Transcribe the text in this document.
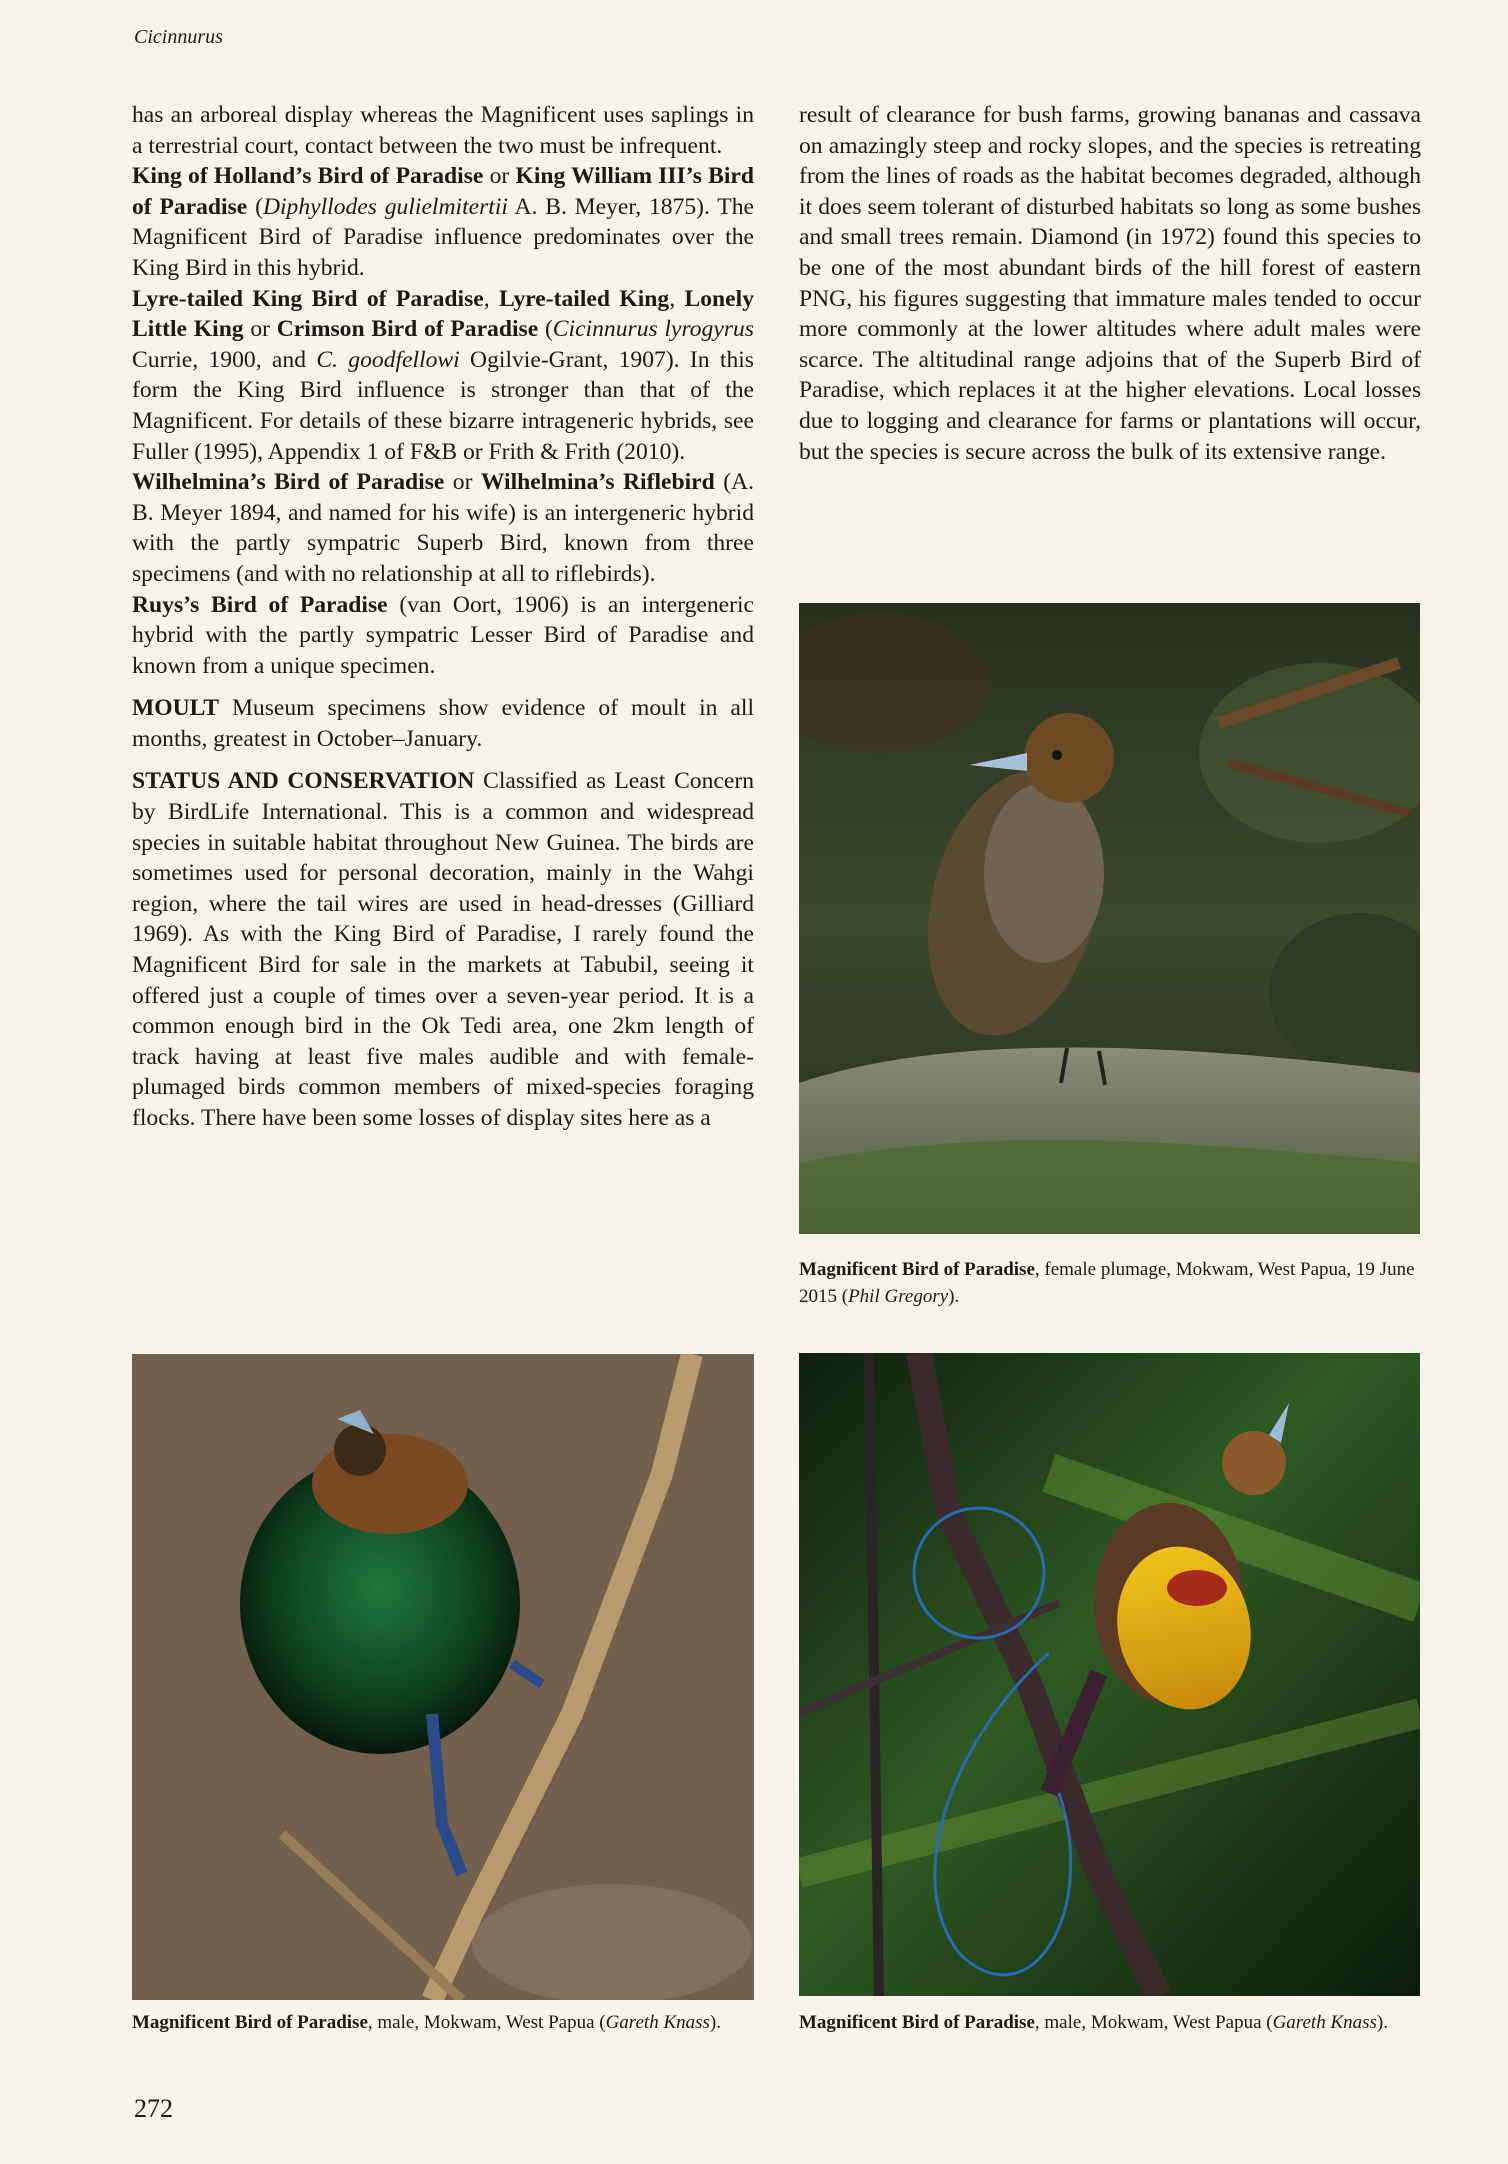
Cicinnurus

has an arboreal display whereas the Magnificent uses saplings in a terrestrial court, contact between the two must be infrequent.

King of Holland’s Bird of Paradise or King William III’s Bird of Paradise (Diphyllodes gulielmitertii A. B. Meyer, 1875). The Magnificent Bird of Paradise influence predominates over the King Bird in this hybrid.

Lyre-tailed King Bird of Paradise, Lyre-tailed King, Lonely Little King or Crimson Bird of Paradise (Cicinnurus lyrogyrus Currie, 1900, and C. goodfellowi Ogilvie-Grant, 1907). In this form the King Bird influence is stronger than that of the Magnificent. For details of these bizarre intrageneric hybrids, see Fuller (1995), Appendix 1 of F&B or Frith & Frith (2010).

Wilhelmina’s Bird of Paradise or Wilhelmina’s Riflebird (A. B. Meyer 1894, and named for his wife) is an intergeneric hybrid with the partly sympatric Superb Bird, known from three specimens (and with no relationship at all to riflebirds).

Ruys’s Bird of Paradise (van Oort, 1906) is an intergeneric hybrid with the partly sympatric Lesser Bird of Paradise and known from a unique specimen.

MOULT Museum specimens show evidence of moult in all months, greatest in October–January.

STATUS AND CONSERVATION Classified as Least Concern by BirdLife International. This is a common and widespread species in suitable habitat throughout New Guinea. The birds are sometimes used for personal decoration, mainly in the Wahgi region, where the tail wires are used in head-dresses (Gilliard 1969). As with the King Bird of Paradise, I rarely found the Magnificent Bird for sale in the markets at Tabubil, seeing it offered just a couple of times over a seven-year period. It is a common enough bird in the Ok Tedi area, one 2km length of track having at least five males audible and with female-plumaged birds common members of mixed-species foraging flocks. There have been some losses of display sites here as a

result of clearance for bush farms, growing bananas and cassava on amazingly steep and rocky slopes, and the species is retreating from the lines of roads as the habitat becomes degraded, although it does seem tolerant of disturbed habitats so long as some bushes and small trees remain. Diamond (in 1972) found this species to be one of the most abundant birds of the hill forest of eastern PNG, his figures suggesting that immature males tended to occur more commonly at the lower altitudes where adult males were scarce. The altitudinal range adjoins that of the Superb Bird of Paradise, which replaces it at the higher elevations. Local losses due to logging and clearance for farms or plantations will occur, but the species is secure across the bulk of its extensive range.

Magnificent Bird of Paradise, female plumage, Mokwam, West Papua, 19 June 2015 (Phil Gregory).
Magnificent Bird of Paradise, male, Mokwam, West Papua (Gareth Knass).	Magnificent Bird of Paradise, male, Mokwam, West Papua (Gareth Knass).
272
